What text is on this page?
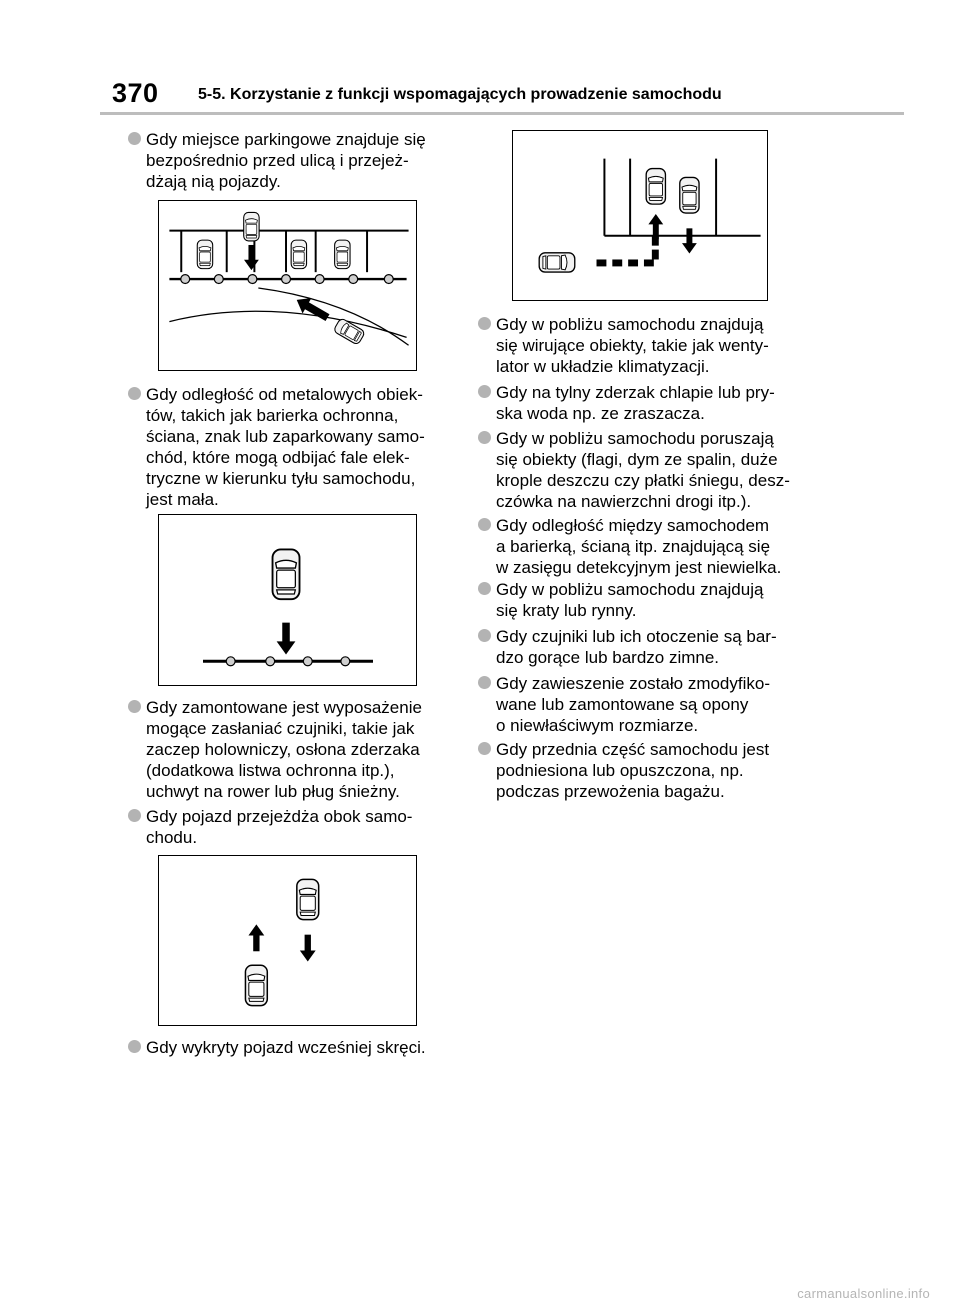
370 5-5. Korzystanie z funkcji wspomagających prowadzenie samochodu
Gdy miejsce parkingowe znajduje się
bezpośrednio przed ulicą i przejeż-
dżają nią pojazdy.
Gdy odległość od metalowych obiek-
tów, takich jak barierka ochronna,
ściana, znak lub zaparkowany samo-
chód, które mogą odbijać fale elek-
tryczne w kierunku tyłu samochodu,
jest mała.
Gdy zamontowane jest wyposażenie
mogące zasłaniać czujniki, takie jak
zaczep holowniczy, osłona zderzaka
(dodatkowa listwa ochronna itp.),
uchwyt na rower lub pług śnieżny.
Gdy pojazd przejeżdża obok samo-
chodu.
Gdy wykryty pojazd wcześniej skręci.
Gdy w pobliżu samochodu znajdują
się wirujące obiekty, takie jak wenty-
lator w układzie klimatyzacji.
Gdy na tylny zderzak chlapie lub pry-
ska woda np. ze zraszacza.
Gdy w pobliżu samochodu poruszają
się obiekty (flagi, dym ze spalin, duże
krople deszczu czy płatki śniegu, desz-
czówka na nawierzchni drogi itp.).
Gdy odległość między samochodem
a barierką, ścianą itp. znajdującą się
w zasięgu detekcyjnym jest niewielka.
Gdy w pobliżu samochodu znajdują
się kraty lub rynny.
Gdy czujniki lub ich otoczenie są bar-
dzo gorące lub bardzo zimne.
Gdy zawieszenie zostało zmodyfiko-
wane lub zamontowane są opony
o niewłaściwym rozmiarze.
Gdy przednia część samochodu jest
podniesiona lub opuszczona, np.
podczas przewożenia bagażu.
carmanualsonline.info
